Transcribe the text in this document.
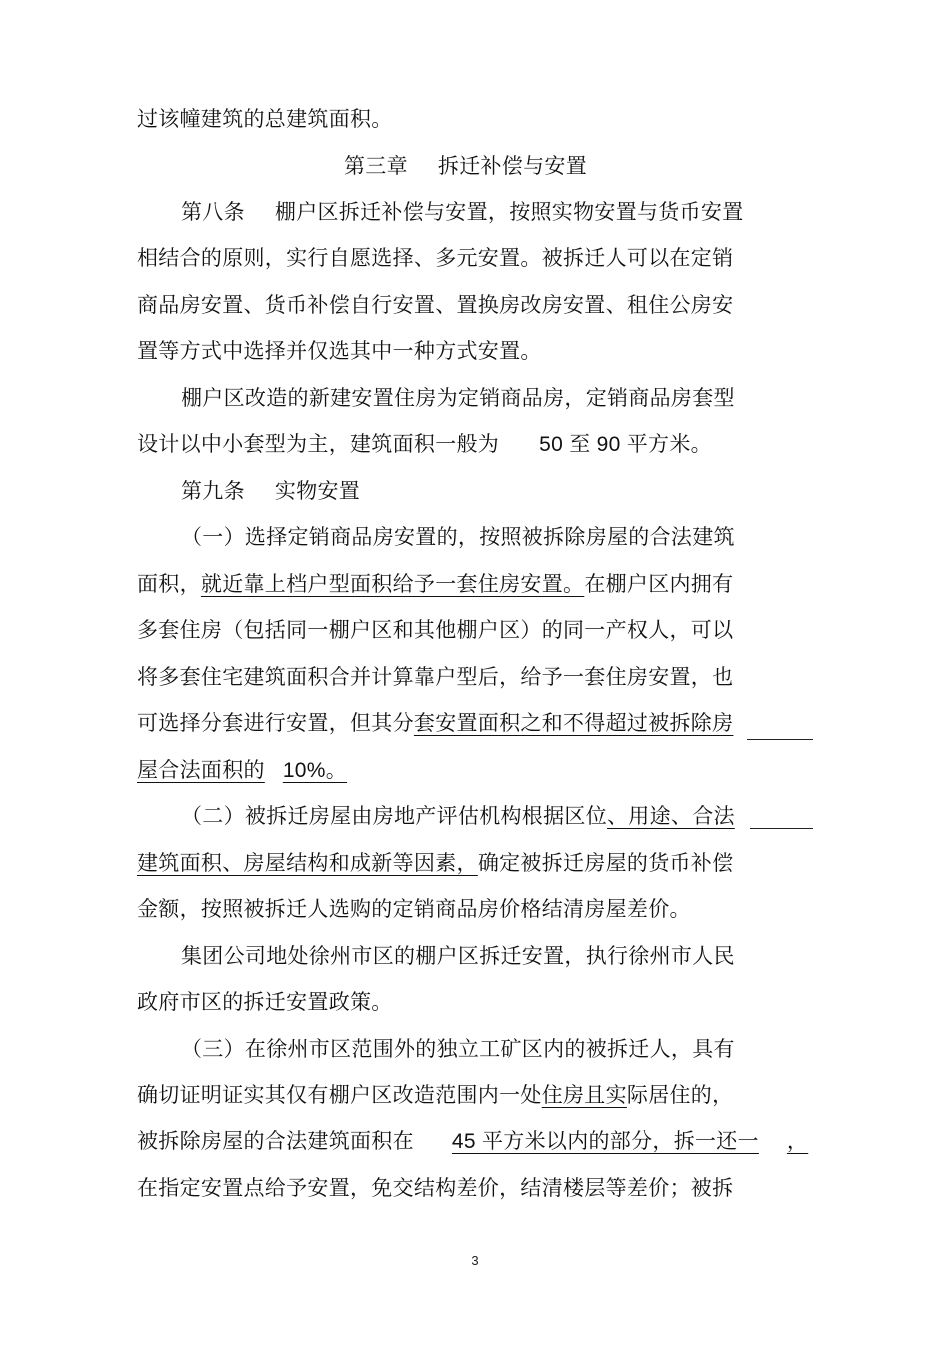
过该幢建筑的总建筑面积。
第三章 拆迁补偿与安置
第八条 棚户区拆迁补偿与安置，按照实物安置与货币安置
相结合的原则，实行自愿选择、多元安置。被拆迁人可以在定销
商品房安置、货币补偿自行安置、置换房改房安置、租住公房安
置等方式中选择并仅选其中一种方式安置。
棚户区改造的新建安置住房为定销商品房，定销商品房套型
设计以中小套型为主，建筑面积一般为 50 至 90 平方米。
第九条 实物安置
（一）选择定销商品房安置的，按照被拆除房屋的合法建筑
面积，就近靠上档户型面积给予一套住房安置。在棚户区内拥有
多套住房（包括同一棚户区和其他棚户区）的同一产权人，可以
将多套住宅建筑面积合并计算靠户型后，给予一套住房安置，也
可选择分套进行安置，但其分套安置面积之和不得超过被拆除房
屋合法面积的 10%。
（二）被拆迁房屋由房地产评估机构根据区位、用途、合法
建筑面积、房屋结构和成新等因素，确定被拆迁房屋的货币补偿
金额，按照被拆迁人选购的定销商品房价格结清房屋差价。
集团公司地处徐州市区的棚户区拆迁安置，执行徐州市人民
政府市区的拆迁安置政策。
（三）在徐州市区范围外的独立工矿区内的被拆迁人，具有
确切证明证实其仅有棚户区改造范围内一处住房且实际居住的，
被拆除房屋的合法建筑面积在 45 平方米以内的部分，拆一还一 ，
在指定安置点给予安置，免交结构差价，结清楼层等差价；被拆
3
